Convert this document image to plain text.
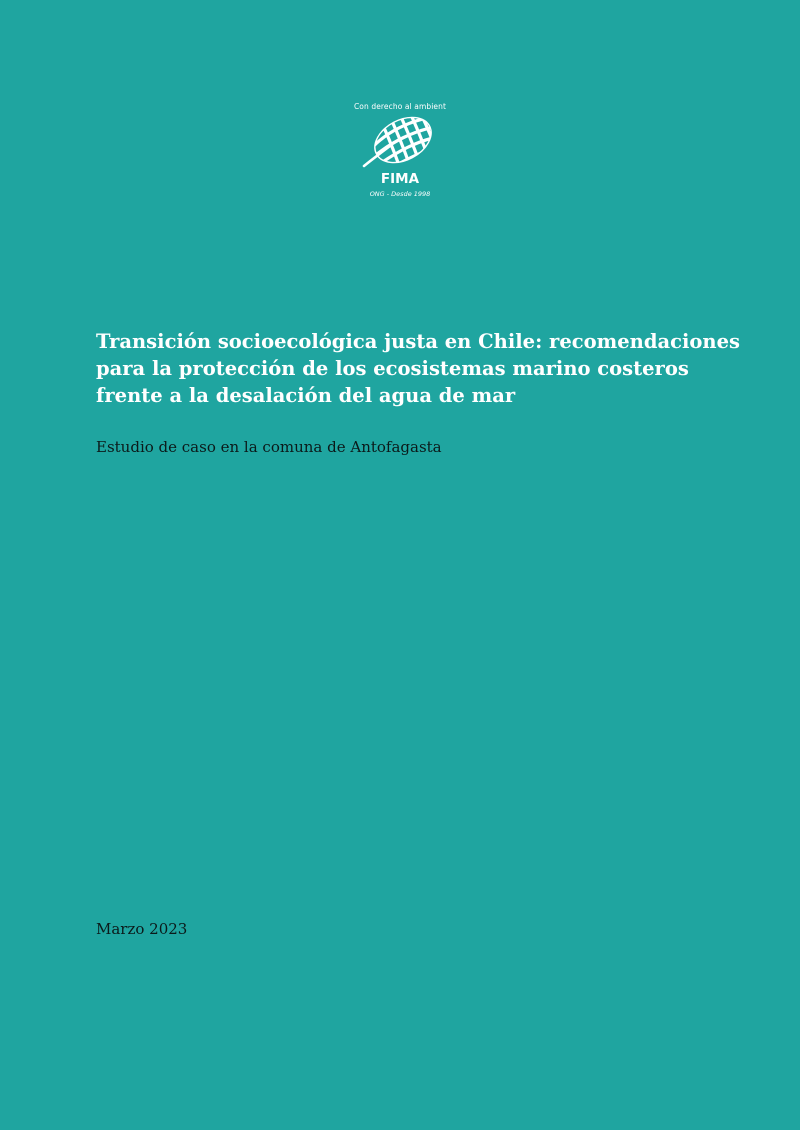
Con derecho al ambient
FIMA
ONG - Desde 1998
Transición socioecológica justa en Chile: recomendaciones
para la protección de los ecosistemas marino costeros
frente a la desalación del agua de mar

Estudio de caso en la comuna de Antofagasta

Marzo 2023
